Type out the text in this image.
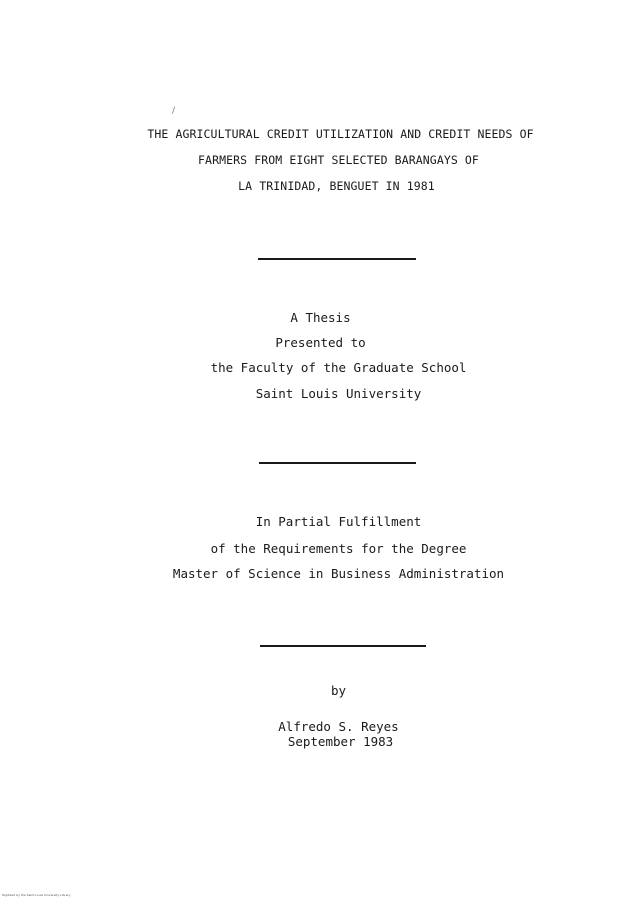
/
THE AGRICULTURAL CREDIT UTILIZATION AND CREDIT NEEDS OF
FARMERS FROM EIGHT SELECTED BARANGAYS OF
LA TRINIDAD, BENGUET IN 1981
A Thesis
Presented to
the Faculty of the Graduate School
Saint Louis University
In Partial Fulfillment
of the Requirements for the Degree
Master of Science in Business Administration
by
Alfredo S. Reyes
September 1983
Digitized by the Saint Louis University Library
